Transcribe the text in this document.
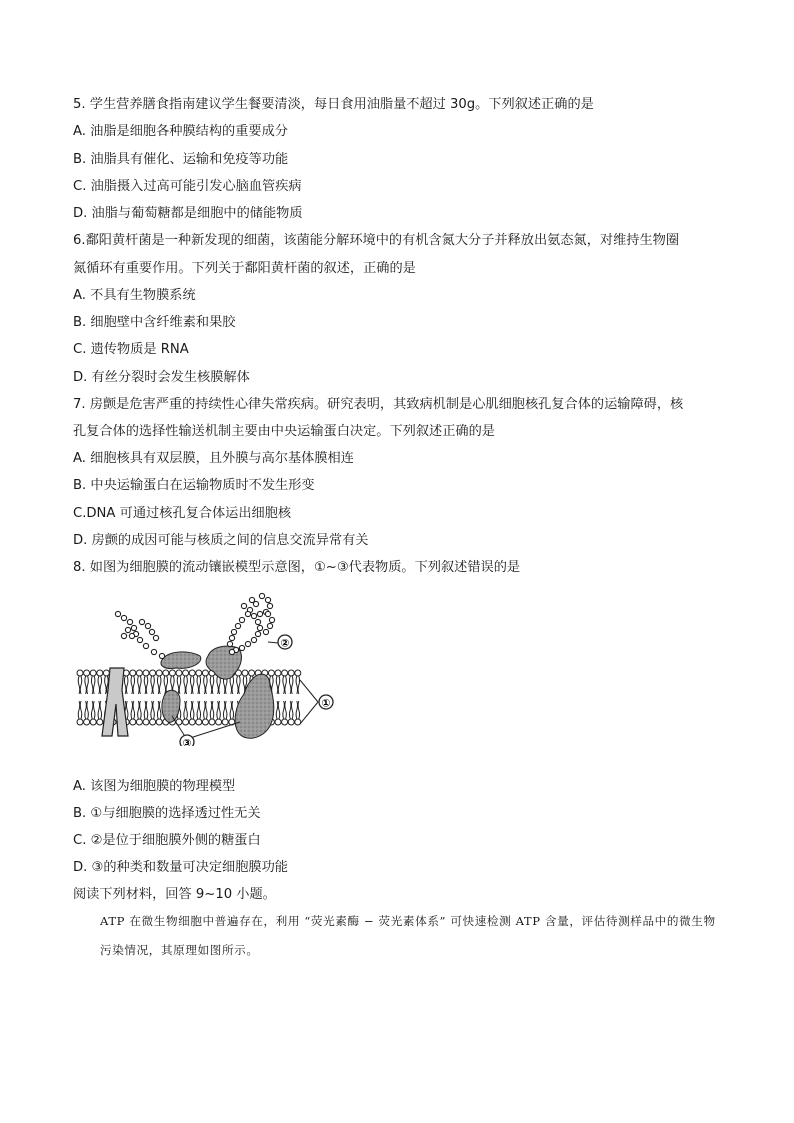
5. 学生营养膳食指南建议学生餐要清淡，每日食用油脂量不超过 30g。下列叙述正确的是
A. 油脂是细胞各种膜结构的重要成分
B. 油脂具有催化、运输和免疫等功能
C. 油脂摄入过高可能引发心脑血管疾病
D. 油脂与葡萄糖都是细胞中的储能物质
6.鄱阳黄杆菌是一种新发现的细菌，该菌能分解环境中的有机含氮大分子并释放出氨态氮，对维持生物圈
氮循环有重要作用。下列关于鄱阳黄杆菌的叙述，正确的是
A. 不具有生物膜系统
B. 细胞壁中含纤维素和果胶
C. 遗传物质是 RNA
D. 有丝分裂时会发生核膜解体
7. 房颤是危害严重的持续性心律失常疾病。研究表明，其致病机制是心肌细胞核孔复合体的运输障碍，核
孔复合体的选择性输送机制主要由中央运输蛋白决定。下列叙述正确的是
A. 细胞核具有双层膜，且外膜与高尔基体膜相连
B. 中央运输蛋白在运输物质时不发生形变
C.DNA 可通过核孔复合体运出细胞核
D. 房颤的成因可能与核质之间的信息交流异常有关
8. 如图为细胞膜的流动镶嵌模型示意图，①~③代表物质。下列叙述错误的是
②
①
③
A. 该图为细胞膜的物理模型
B. ①与细胞膜的选择透过性无关
C. ②是位于细胞膜外侧的糖蛋白
D. ③的种类和数量可决定细胞膜功能
阅读下列材料，回答 9~10 小题。
ATP 在微生物细胞中普遍存在，利用 “荧光素酶 − 荧光素体系” 可快速检测 ATP 含量，评估待测样品中的微生物污染情况，其原理如图所示。
